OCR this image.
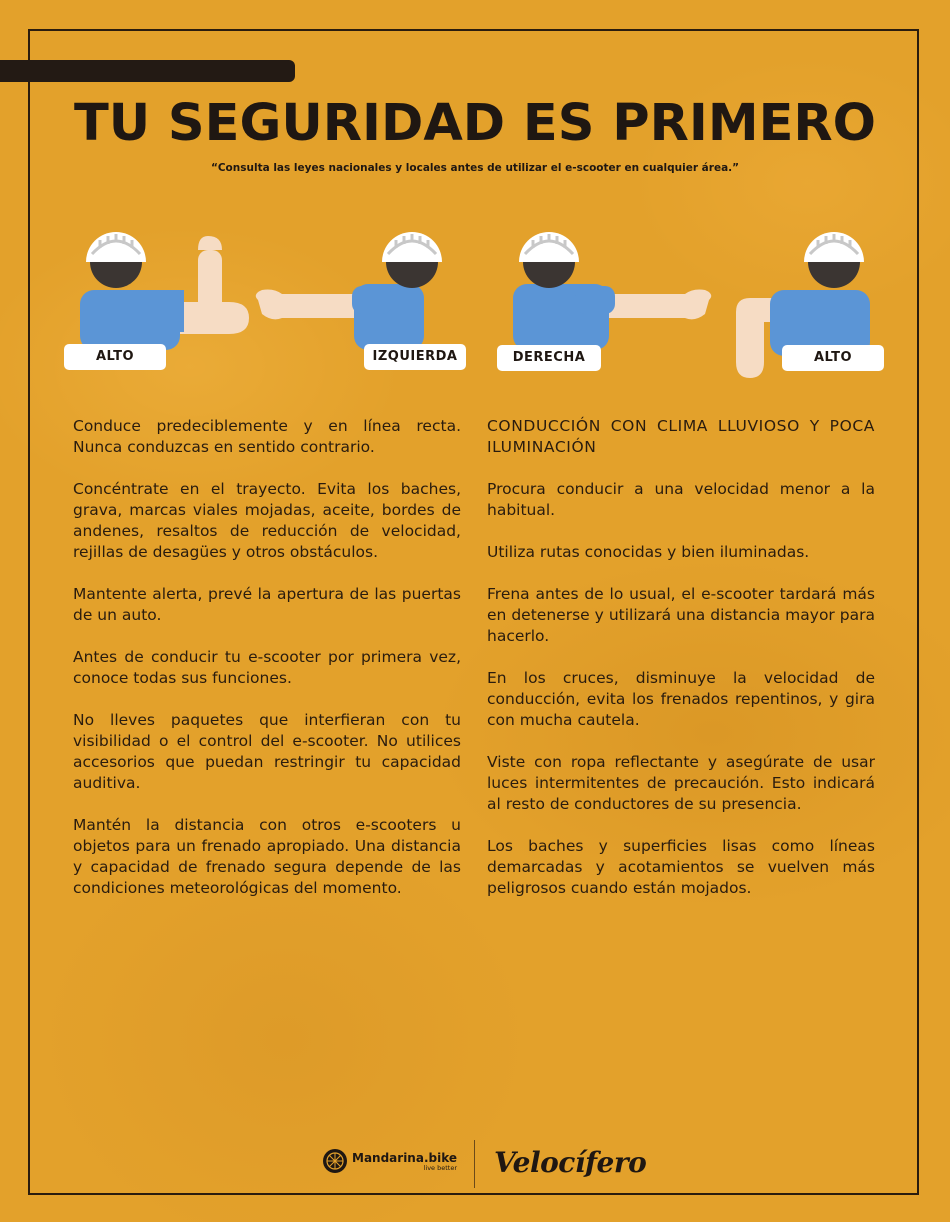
TU SEGURIDAD ES PRIMERO
“Consulta las leyes nacionales y locales antes de utilizar el e-scooter en cualquier área.”
ALTO	IZQUIERDA	DERECHA	ALTO

Conduce predeciblemente y en línea recta. Nunca conduzcas en sentido contrario.

Concéntrate en el trayecto. Evita los baches, grava, marcas viales mojadas, aceite, bordes de andenes, resaltos de reducción de velocidad, rejillas de desagües y otros obstáculos.

Mantente alerta, prevé la apertura de las puertas de un auto.

Antes de conducir tu e-scooter por primera vez, conoce todas sus funciones.

No lleves paquetes que interfieran con tu visibilidad o el control del e-scooter. No utilices accesorios que puedan restringir tu capacidad auditiva.

Mantén la distancia con otros e-scooters u objetos para un frenado apropiado. Una distancia y capacidad de frenado segura depende de las condiciones meteorológicas del momento.

CONDUCCIÓN CON CLIMA LLUVIOSO Y POCA ILUMINACIÓN

Procura conducir a una velocidad menor a la habitual.

Utiliza rutas conocidas y bien iluminadas.

Frena antes de lo usual, el e-scooter tardará más en detenerse y utilizará una distancia mayor para hacerlo.

En los cruces, disminuye la velocidad de conducción, evita los frenados repentinos, y gira con mucha cautela.

Viste con ropa reflectante y asegúrate de usar luces intermitentes de precaución. Esto indicará al resto de conductores de su presencia.

Los baches y superficies lisas como líneas demarcadas y acotamientos se vuelven más peligrosos cuando están mojados.

Mandarina.bike
live better Velocífero
